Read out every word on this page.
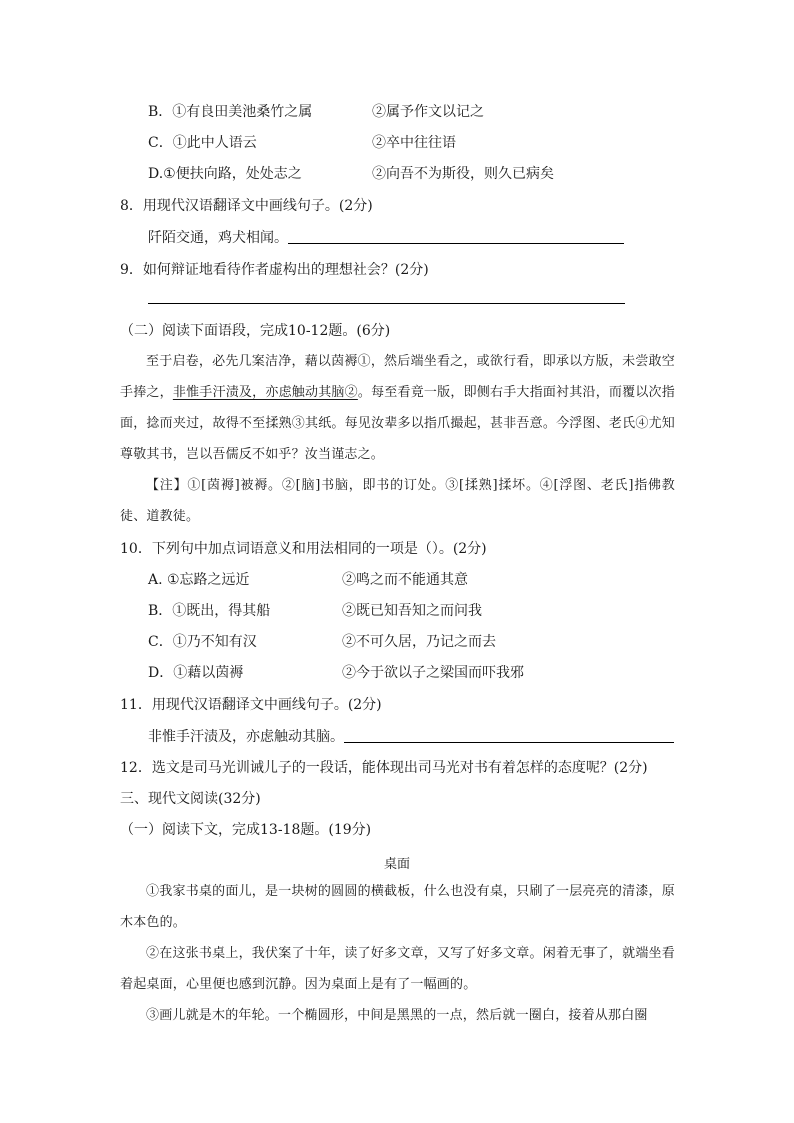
B．①有良田美池桑竹之属	②属予作文以记之
C．①此中人语云	②卒中往往语
D.①便扶向路，处处志之	②向吾不为斯役，则久已病矣
8．用现代汉语翻译文中画线句子。(2分)
阡陌交通，鸡犬相闻。
9．如何辩证地看待作者虚构出的理想社会？(2分)
（二）阅读下面语段，完成10-12题。(6分)

至于启卷，必先几案洁净，藉以茵褥①，然后端坐看之，或欲行看，即承以方版，未尝敢空手捧之，非惟手汗渍及，亦虑触动其脑②。每至看竟一版，即侧右手大指面衬其沿，而覆以次指面，捻而夹过，故得不至揉熟③其纸。每见汝辈多以指爪撮起，甚非吾意。今浮图、老氏④尤知尊敬其书，岂以吾儒反不如乎？汝当谨志之。

【注】①[茵褥]被褥。②[脑]书脑，即书的订处。③[揉熟]揉坏。④[浮图、老氏]指佛教徒、道教徒。

10．下列句中加点词语意义和用法相同的一项是（）。(2分)
A. ①忘路之远近	②鸣之而不能通其意
B．①既出，得其船	②既已知吾知之而问我
C．①乃不知有汉	②不可久居，乃记之而去
D．①藉以茵褥	②今于欲以子之梁国而吓我邪
11．用现代汉语翻译文中画线句子。(2分)
非惟手汗渍及，亦虑触动其脑。
12．选文是司马光训诫儿子的一段话，能体现出司马光对书有着怎样的态度呢？(2分)
三、现代文阅读(32分)
（一）阅读下文，完成13-18题。(19分)
桌面

①我家书桌的面儿，是一块树的圆圆的横截板，什么也没有桌，只刷了一层亮亮的清漆，原木本色的。

②在这张书桌上，我伏案了十年，读了好多文章，又写了好多文章。闲着无事了，就端坐看着起桌面，心里便也感到沉静。因为桌面上是有了一幅画的。

③画儿就是木的年轮。一个椭圆形，中间是黑黑的一点，然后就一圈白，接着从那白圈
